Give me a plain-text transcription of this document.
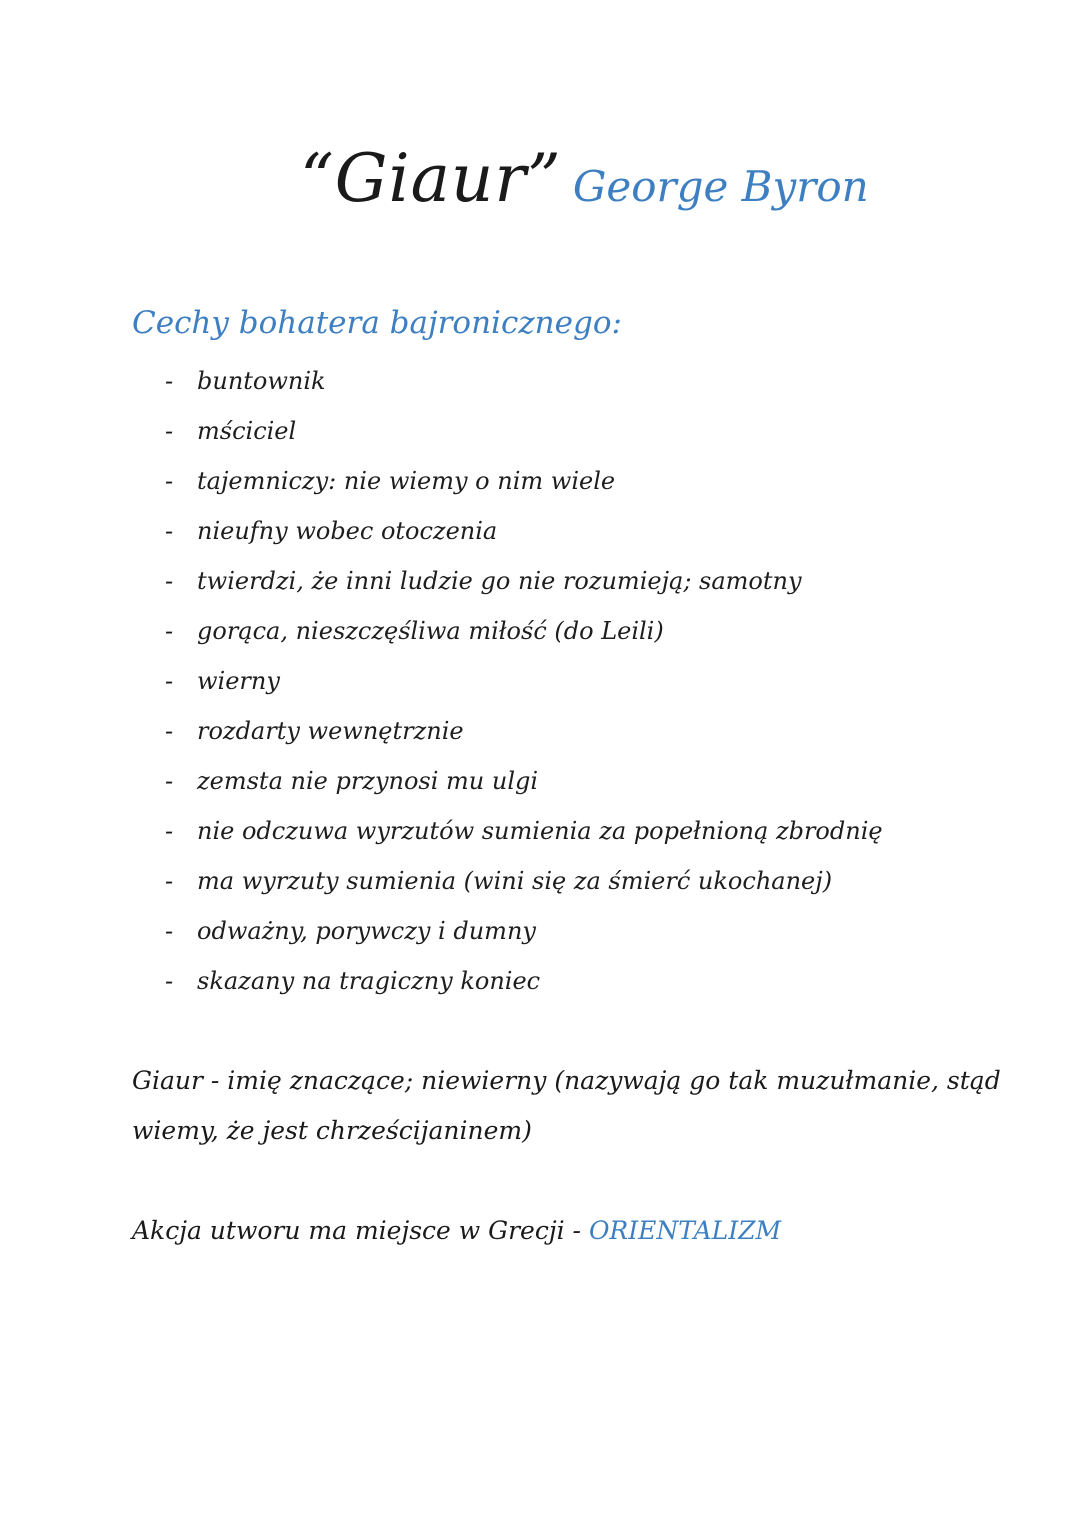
“Giaur” George Byron
Cechy bohatera bajronicznego:
- buntownik
- mściciel
- tajemniczy: nie wiemy o nim wiele
- nieufny wobec otoczenia
- twierdzi, że inni ludzie go nie rozumieją; samotny
- gorąca, nieszczęśliwa miłość (do Leili)
- wierny
- rozdarty wewnętrznie
- zemsta nie przynosi mu ulgi
- nie odczuwa wyrzutów sumienia za popełnioną zbrodnię
- ma wyrzuty sumienia (wini się za śmierć ukochanej)
- odważny, porywczy i dumny
- skazany na tragiczny koniec
Giaur - imię znaczące; niewierny (nazywają go tak muzułmanie, stąd
wiemy, że jest chrześcijaninem)
Akcja utworu ma miejsce w Grecji - ORIENTALIZM
